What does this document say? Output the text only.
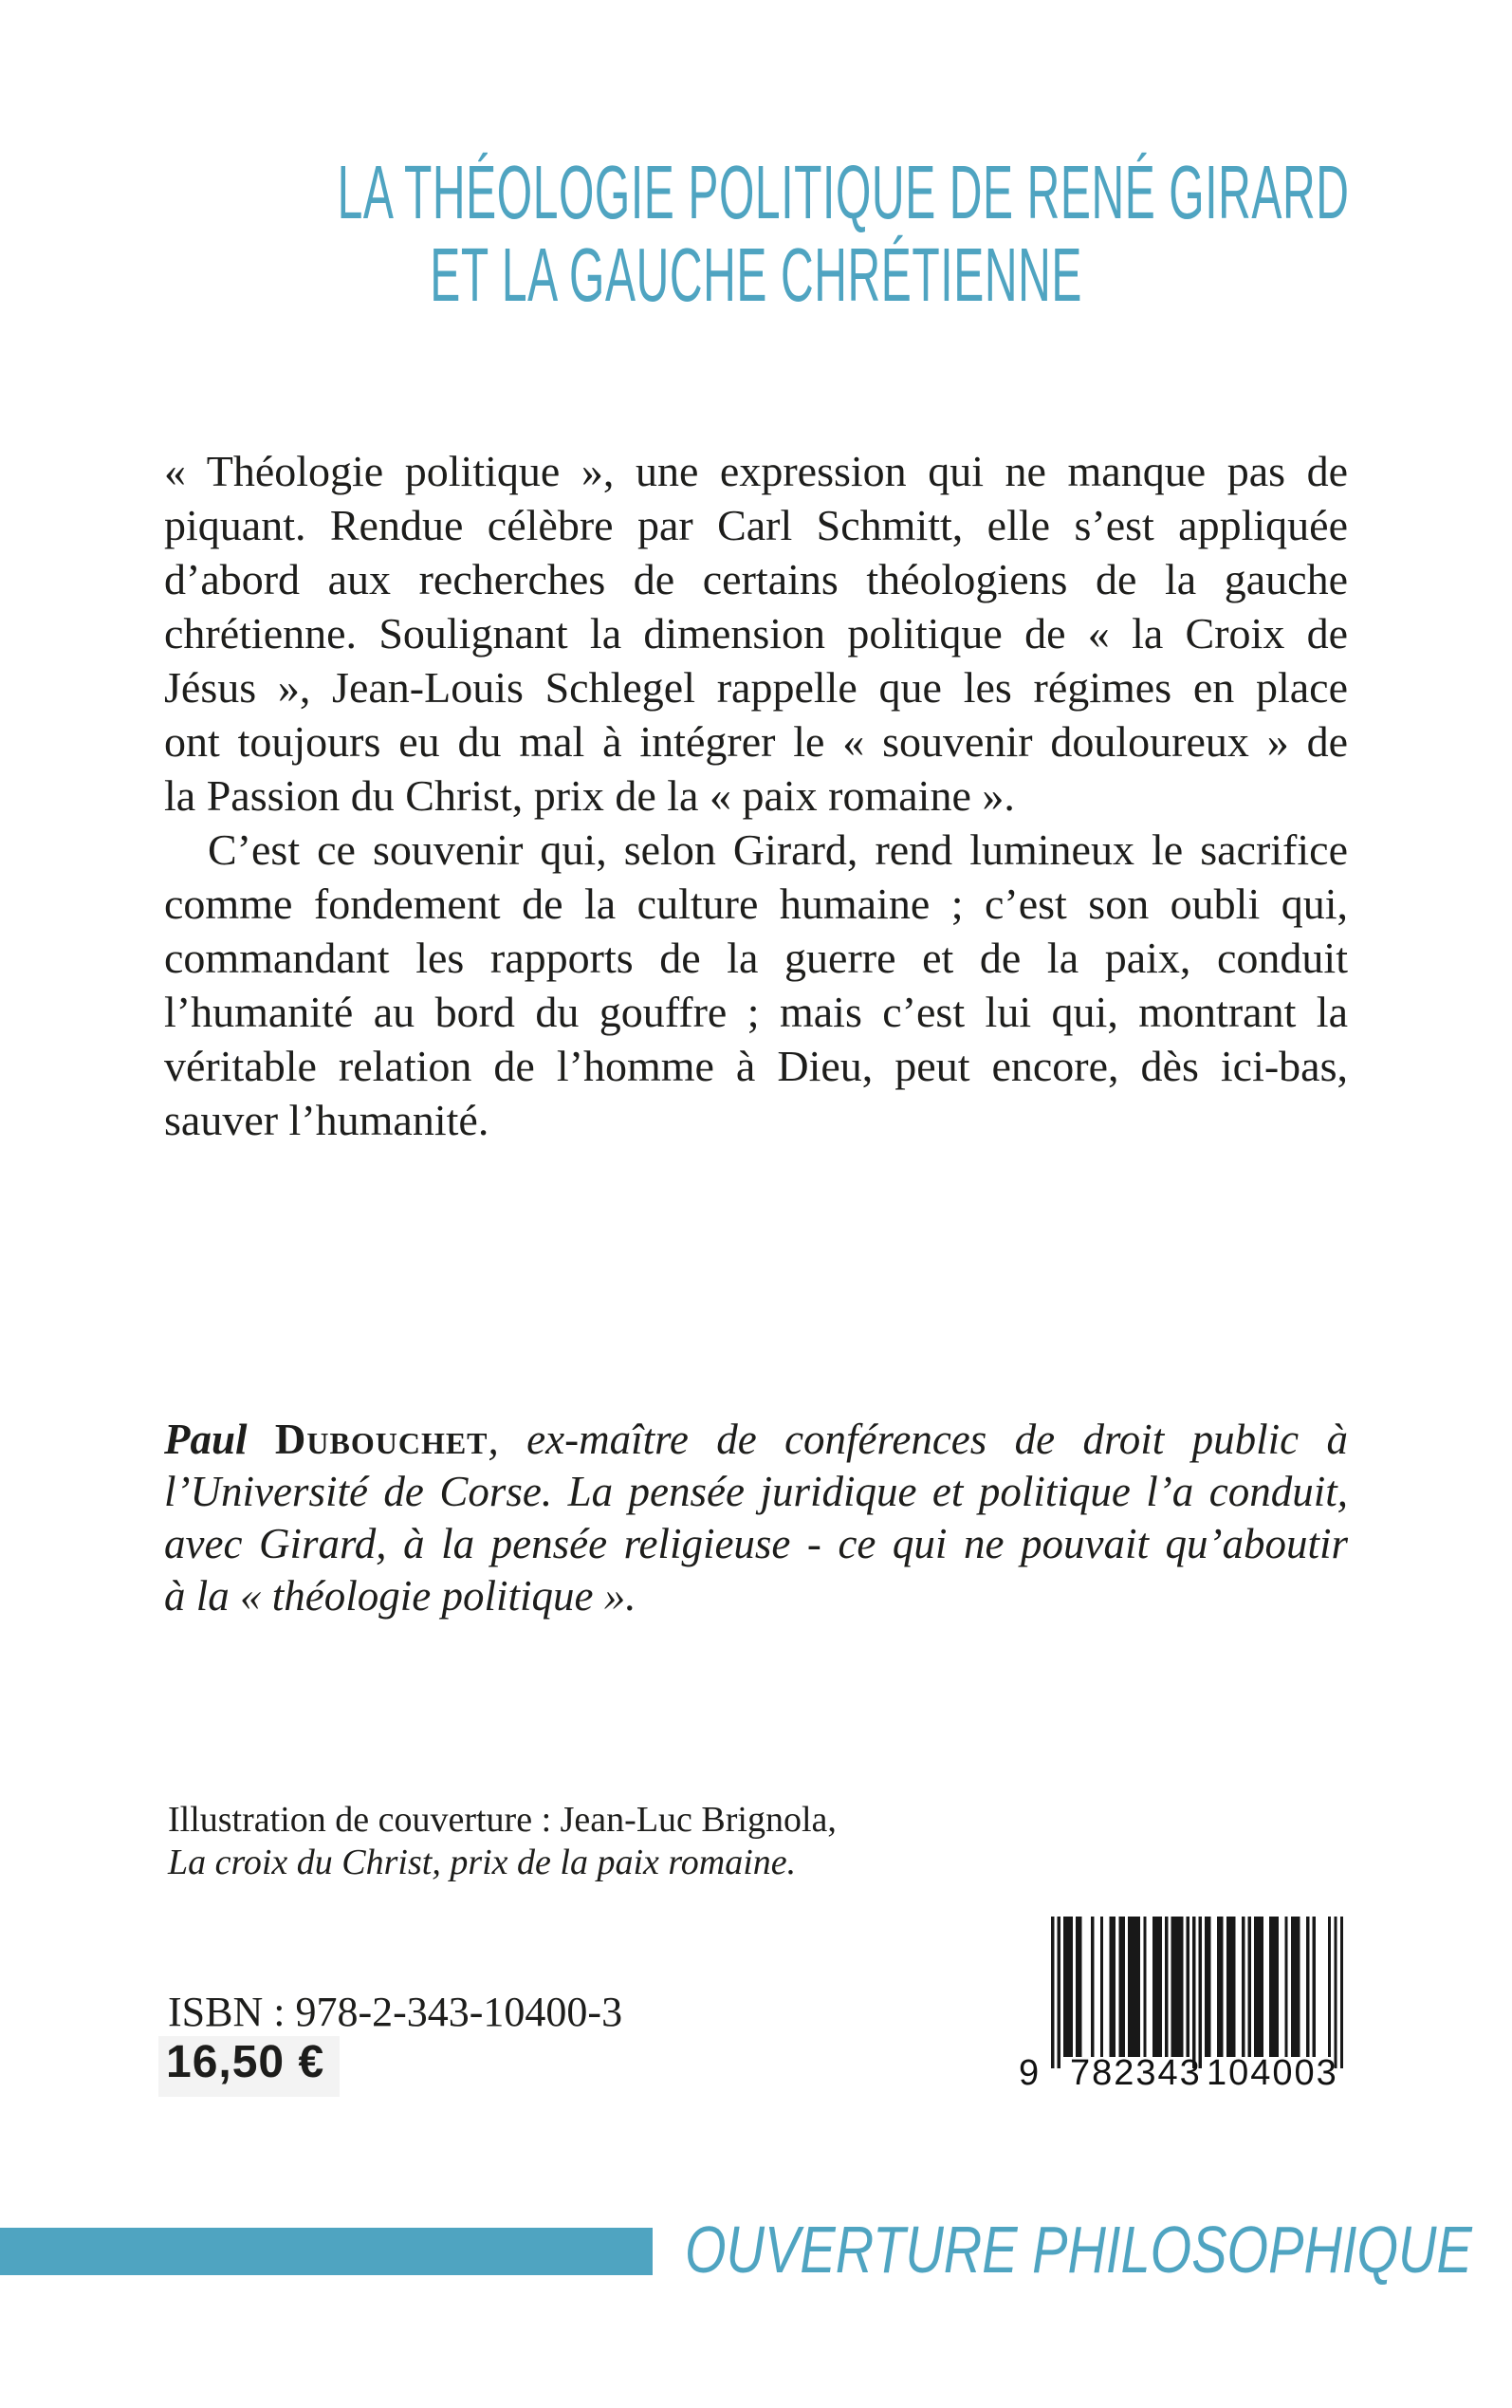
LA THÉOLOGIE POLITIQUE DE RENÉ GIRARD
ET LA GAUCHE CHRÉTIENNE
« Théologie politique », une expression qui ne manque pas de
piquant. Rendue célèbre par Carl Schmitt, elle s’est appliquée
d’abord aux recherches de certains théologiens de la gauche
chrétienne. Soulignant la dimension politique de « la Croix de
Jésus », Jean-Louis Schlegel rappelle que les régimes en place
ont toujours eu du mal à intégrer le « souvenir douloureux » de
la Passion du Christ, prix de la « paix romaine ».
C’est ce souvenir qui, selon Girard, rend lumineux le sacrifice
comme fondement de la culture humaine ; c’est son oubli qui,
commandant les rapports de la guerre et de la paix, conduit
l’humanité au bord du gouffre ; mais c’est lui qui, montrant la
véritable relation de l’homme à Dieu, peut encore, dès ici-bas,
sauver l’humanité.
Paul Dubouchet, ex-maître de conférences de droit public à
l’Université de Corse. La pensée juridique et politique l’a conduit,
avec Girard, à la pensée religieuse - ce qui ne pouvait qu’aboutir
à la « théologie politique ».
Illustration de couverture : Jean-Luc Brignola,
La croix du Christ, prix de la paix romaine.
ISBN : 978-2-343-10400-3
16,50 €	9 782343 104003
OUVERTURE PHILOSOPHIQUE
